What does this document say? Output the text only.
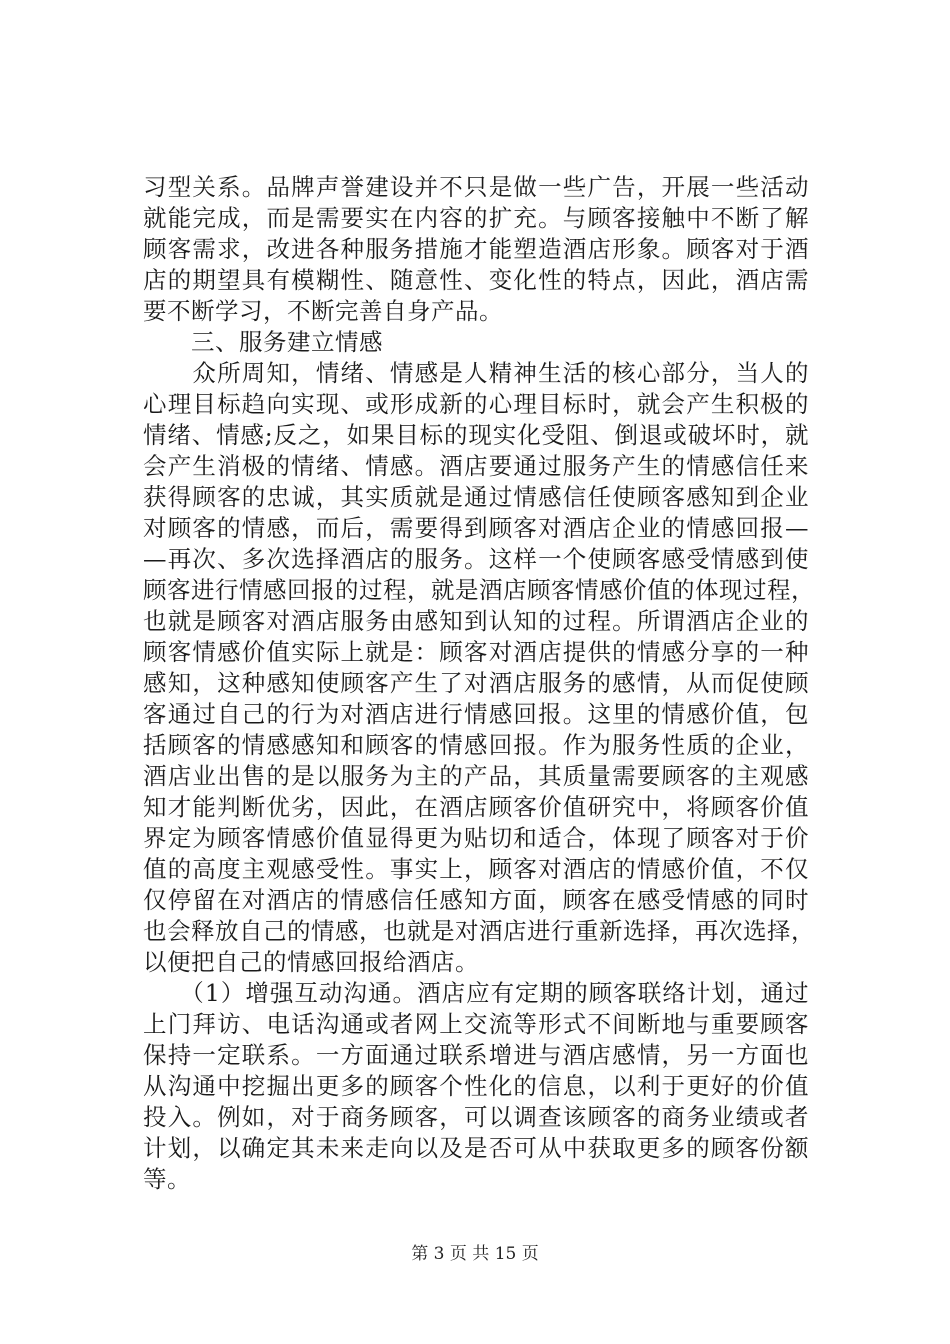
习型关系。品牌声誉建设并不只是做一些广告，开展一些活动
就能完成，而是需要实在内容的扩充。与顾客接触中不断了解
顾客需求，改进各种服务措施才能塑造酒店形象。顾客对于酒
店的期望具有模糊性、随意性、变化性的特点，因此，酒店需
要不断学习，不断完善自身产品。
　　三、服务建立情感
　　众所周知，情绪、情感是人精神生活的核心部分，当人的
心理目标趋向实现、或形成新的心理目标时，就会产生积极的
情绪、情感;反之，如果目标的现实化受阻、倒退或破坏时，就
会产生消极的情绪、情感。酒店要通过服务产生的情感信任来
获得顾客的忠诚，其实质就是通过情感信任使顾客感知到企业
对顾客的情感，而后，需要得到顾客对酒店企业的情感回报—
—再次、多次选择酒店的服务。这样一个使顾客感受情感到使
顾客进行情感回报的过程，就是酒店顾客情感价值的体现过程，
也就是顾客对酒店服务由感知到认知的过程。所谓酒店企业的
顾客情感价值实际上就是：顾客对酒店提供的情感分享的一种
感知，这种感知使顾客产生了对酒店服务的感情，从而促使顾
客通过自己的行为对酒店进行情感回报。这里的情感价值，包
括顾客的情感感知和顾客的情感回报。作为服务性质的企业，
酒店业出售的是以服务为主的产品，其质量需要顾客的主观感
知才能判断优劣，因此，在酒店顾客价值研究中，将顾客价值
界定为顾客情感价值显得更为贴切和适合，体现了顾客对于价
值的高度主观感受性。事实上，顾客对酒店的情感价值，不仅
仅停留在对酒店的情感信任感知方面，顾客在感受情感的同时
也会释放自己的情感，也就是对酒店进行重新选择，再次选择，
以便把自己的情感回报给酒店。
　　（1）增强互动沟通。酒店应有定期的顾客联络计划，通过
上门拜访、电话沟通或者网上交流等形式不间断地与重要顾客
保持一定联系。一方面通过联系增进与酒店感情，另一方面也
从沟通中挖掘出更多的顾客个性化的信息，以利于更好的价值
投入。例如，对于商务顾客，可以调查该顾客的商务业绩或者
计划，以确定其未来走向以及是否可从中获取更多的顾客份额
等。
第 3 页 共 15 页
